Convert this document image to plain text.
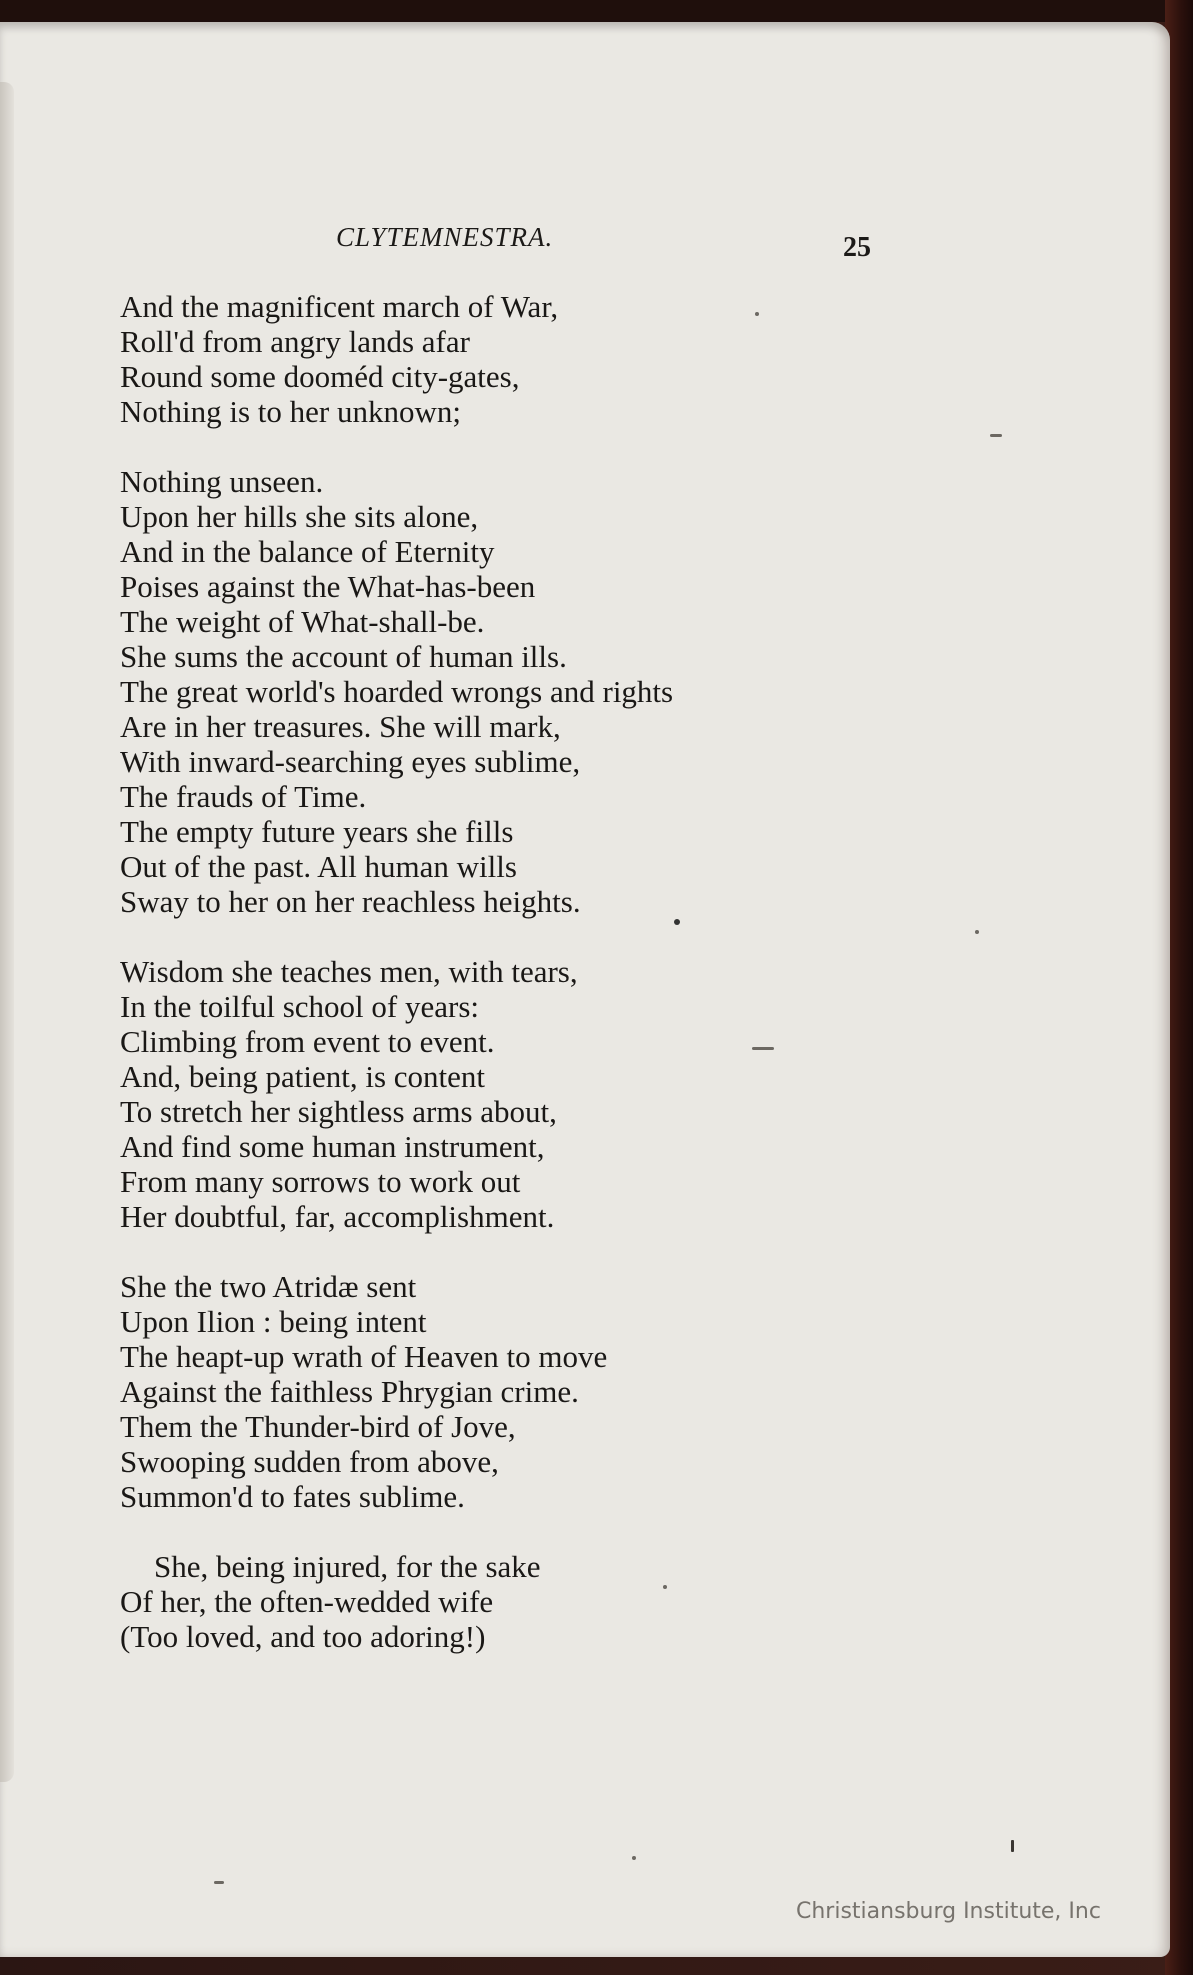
CLYTEMNESTRA.	25
And the magnificent march of War,
Roll'd from angry lands afar
Round some dooméd city-gates,
Nothing is to her unknown;
Nothing unseen.
Upon her hills she sits alone,
And in the balance of Eternity
Poises against the What-has-been
The weight of What-shall-be.
She sums the account of human ills.
The great world's hoarded wrongs and rights
Are in her treasures. She will mark,
With inward-searching eyes sublime,
The frauds of Time.
The empty future years she fills
Out of the past. All human wills
Sway to her on her reachless heights.
Wisdom she teaches men, with tears,
In the toilful school of years:
Climbing from event to event.
And, being patient, is content
To stretch her sightless arms about,
And find some human instrument,
From many sorrows to work out
Her doubtful, far, accomplishment.
She the two Atridæ sent
Upon Ilion : being intent
The heapt-up wrath of Heaven to move
Against the faithless Phrygian crime.
Them the Thunder-bird of Jove,
Swooping sudden from above,
Summon'd to fates sublime.
She, being injured, for the sake
Of her, the often-wedded wife
(Too loved, and too adoring!)
Christiansburg Institute, Inc
